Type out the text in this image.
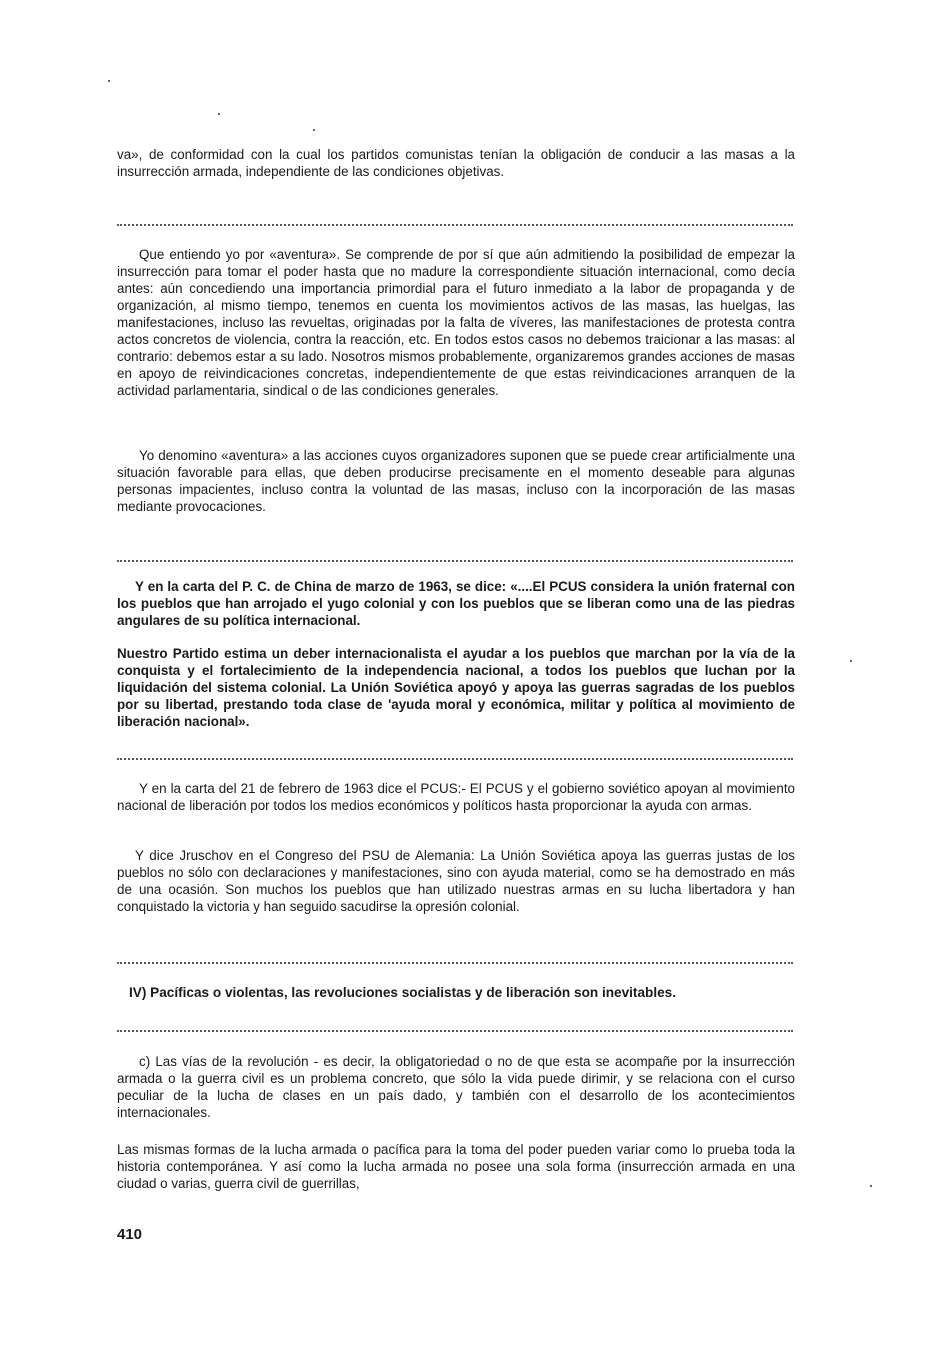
va», de conformidad con la cual los partidos comunistas tenían la obligación de conducir a las masas a la insurrección armada, independiente de las condiciones objetivas.

Que entiendo yo por «aventura». Se comprende de por sí que aún admitiendo la posibilidad de empezar la insurrección para tomar el poder hasta que no madure la correspondiente situación internacional, como decía antes: aún concediendo una importancia primordial para el futuro inmediato a la labor de propaganda y de organización, al mismo tiempo, tenemos en cuenta los movimientos activos de las masas, las huelgas, las manifestaciones, incluso las revueltas, originadas por la falta de víveres, las manifestaciones de protesta contra actos concretos de violencia, contra la reacción, etc. En todos estos casos no debemos traicionar a las masas: al contrario: debemos estar a su lado. Nosotros mismos probablemente, organizaremos grandes acciones de masas en apoyo de reivindicaciones concretas, independientemente de que estas reivindicaciones arranquen de la actividad parlamentaria, sindical o de las condiciones generales.

Yo denomino «aventura» a las acciones cuyos organizadores suponen que se puede crear artificialmente una situación favorable para ellas, que deben producirse precisamente en el momento deseable para algunas personas impacientes, incluso contra la voluntad de las masas, incluso con la incorporación de las masas mediante provocaciones.

Y en la carta del P. C. de China de marzo de 1963, se dice: «....El PCUS considera la unión fraternal con los pueblos que han arrojado el yugo colonial y con los pueblos que se liberan como una de las piedras angulares de su política internacional.

Nuestro Partido estima un deber internacionalista el ayudar a los pueblos que marchan por la vía de la conquista y el fortalecimiento de la independencia nacional, a todos los pueblos que luchan por la liquidación del sistema colonial. La Unión Soviética apoyó y apoya las guerras sagradas de los pueblos por su libertad, prestando toda clase de 'ayuda moral y económica, militar y política al movimiento de liberación nacional».

Y en la carta del 21 de febrero de 1963 dice el PCUS:- El PCUS y el gobierno soviético apoyan al movimiento nacional de liberación por todos los medios económicos y políticos hasta proporcionar la ayuda con armas.

Y dice Jruschov en el Congreso del PSU de Alemania: La Unión Soviética apoya las guerras justas de los pueblos no sólo con declaraciones y manifestaciones, sino con ayuda material, como se ha demostrado en más de una ocasión. Son muchos los pueblos que han utilizado nuestras armas en su lucha libertadora y han conquistado la victoria y han seguido sacudirse la opresión colonial.

IV) Pacíficas o violentas, las revoluciones socialistas y de liberación son inevitables.

c) Las vías de la revolución - es decir, la obligatoriedad o no de que esta se acompañe por la insurrección armada o la guerra civil es un problema concreto, que sólo la vida puede dirimir, y se relaciona con el curso peculiar de la lucha de clases en un país dado, y también con el desarrollo de los acontecimientos internacionales.

Las mismas formas de la lucha armada o pacífica para la toma del poder pueden variar como lo prueba toda la historia contemporánea. Y así como la lucha armada no posee una sola forma (insurrección armada en una ciudad o varias, guerra civil de guerrillas,

410
